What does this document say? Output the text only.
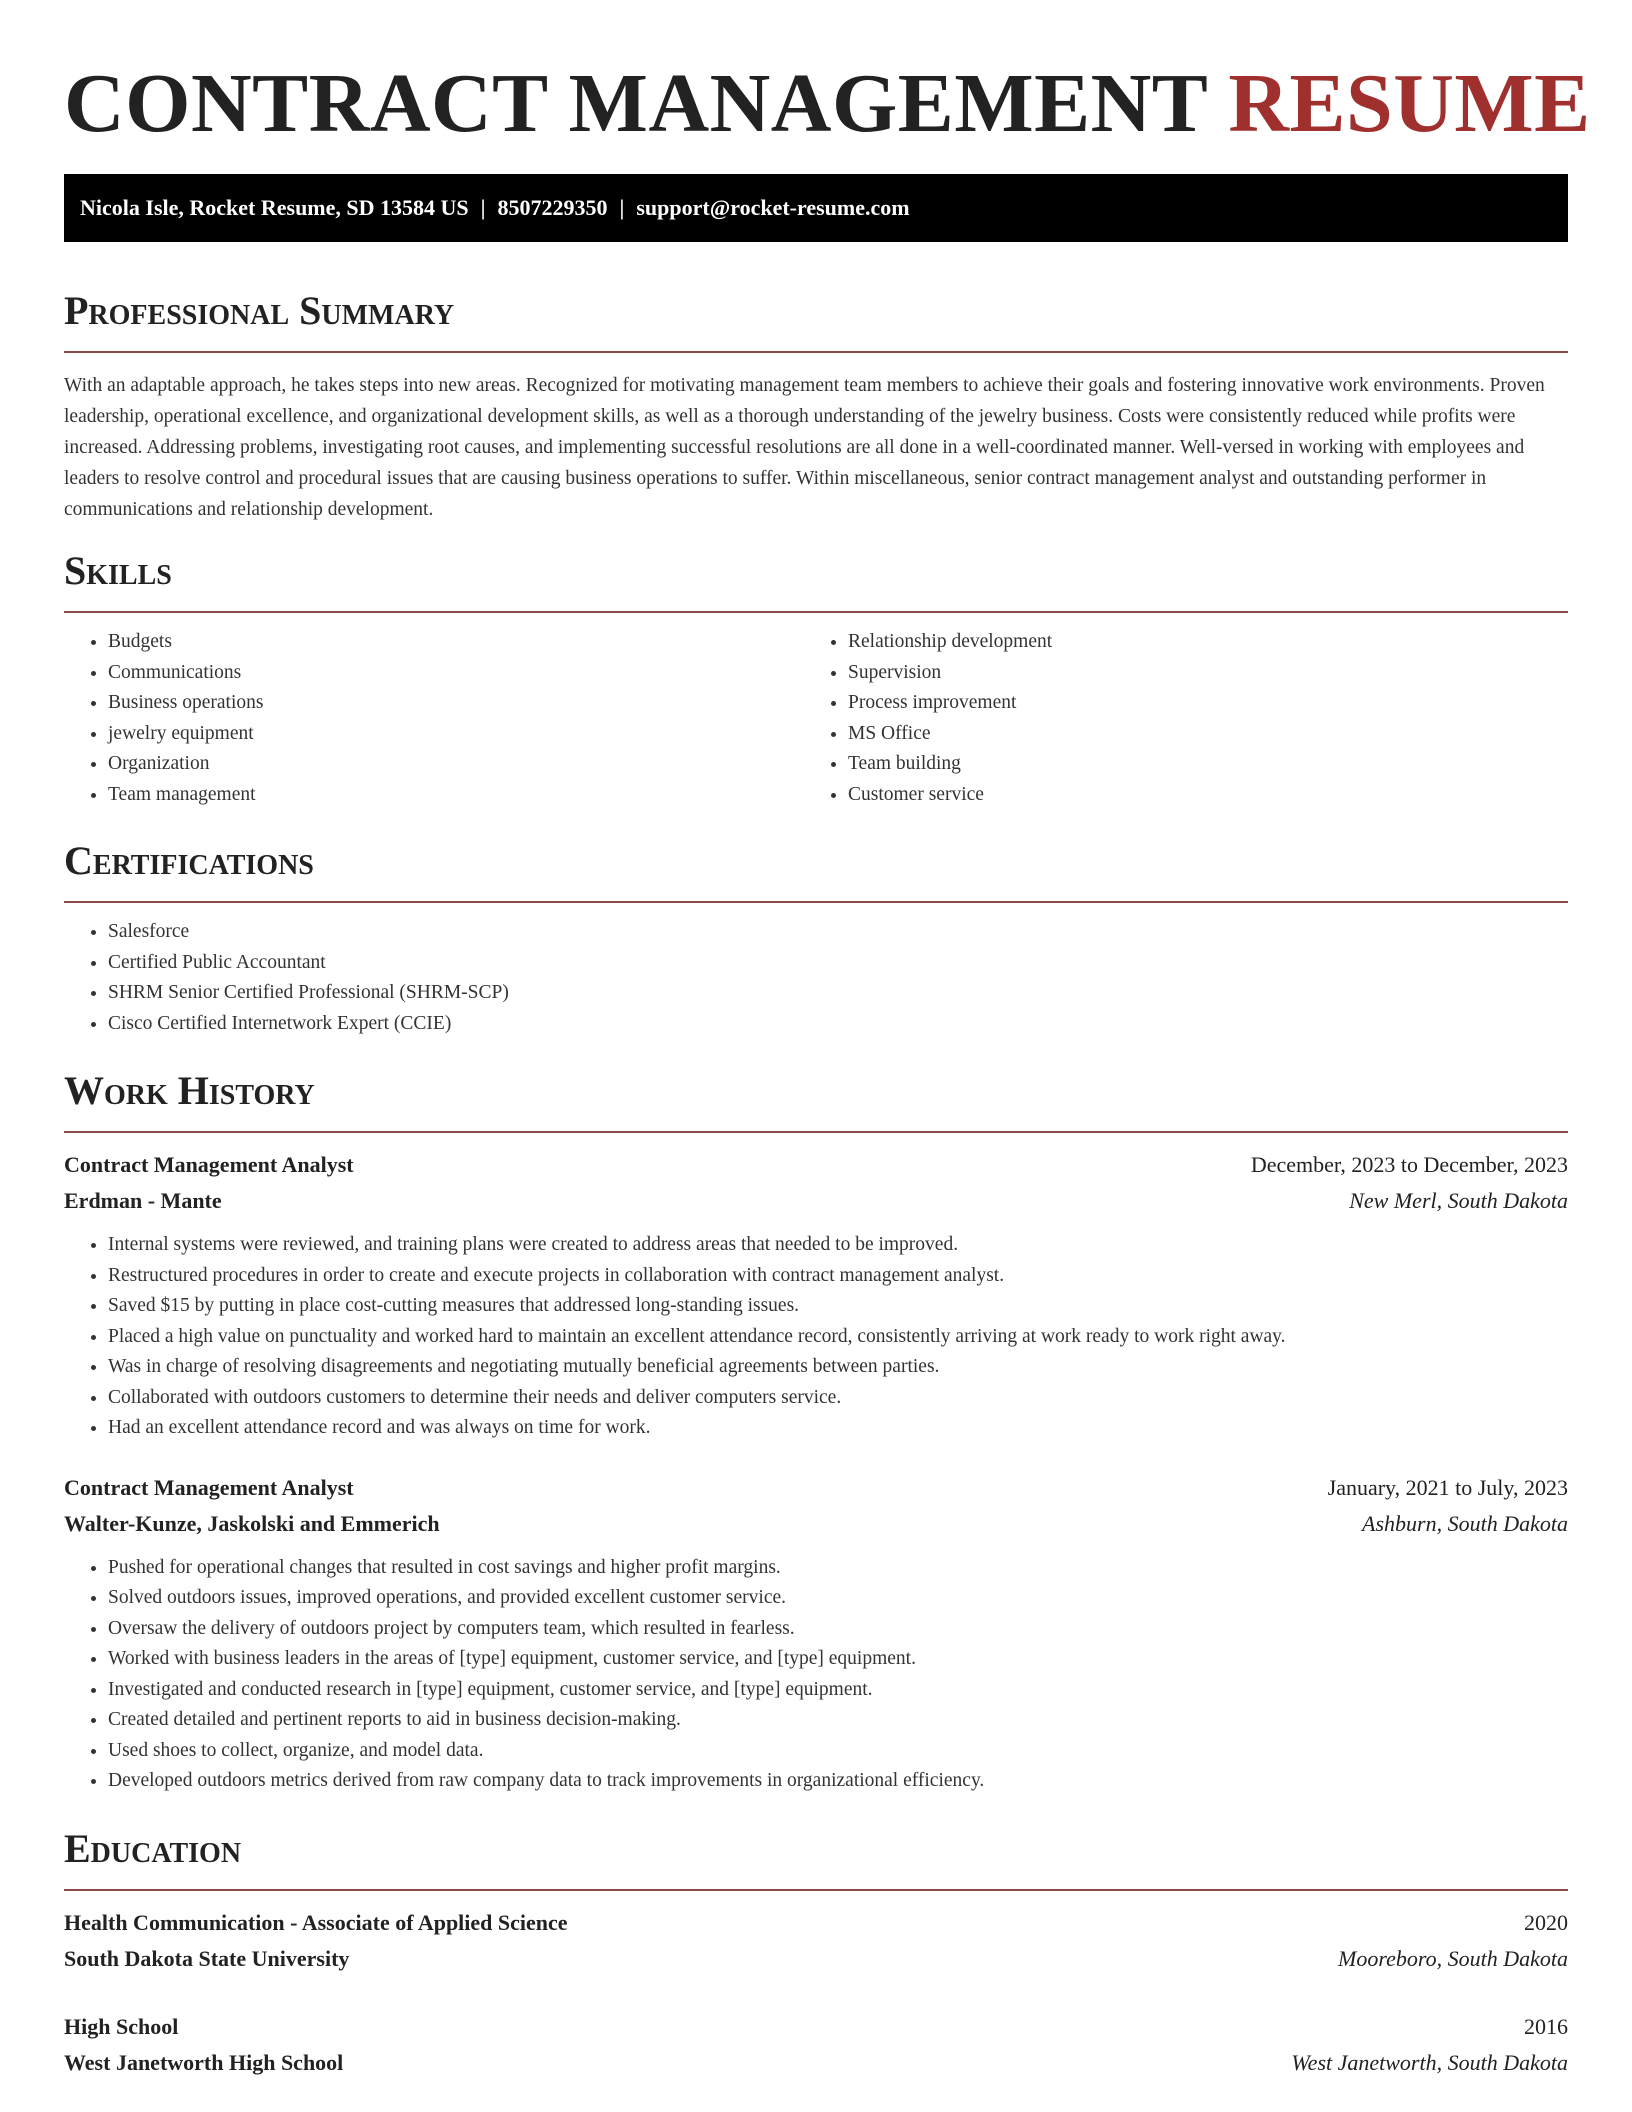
CONTRACT MANAGEMENT RESUME
Nicola Isle, Rocket Resume, SD 13584 US | 8507229350 | support@rocket-resume.com
Professional Summary

With an adaptable approach, he takes steps into new areas. Recognized for motivating management team members to achieve their goals and fostering innovative work environments. Proven leadership, operational excellence, and organizational development skills, as well as a thorough understanding of the jewelry business. Costs were consistently reduced while profits were increased. Addressing problems, investigating root causes, and implementing successful resolutions are all done in a well-coordinated manner. Well-versed in working with employees and leaders to resolve control and procedural issues that are causing business operations to suffer. Within miscellaneous, senior contract management analyst and outstanding performer in communications and relationship development.

Skills
• Budgets
• Communications
• Business operations
• jewelry equipment
• Organization
• Team management
• Relationship development
• Supervision
• Process improvement
• MS Office
• Team building
• Customer service
Certifications
• Salesforce
• Certified Public Accountant
• SHRM Senior Certified Professional (SHRM-SCP)
• Cisco Certified Internetwork Expert (CCIE)
Work History
Contract Management Analyst	December, 2023 to December, 2023
Erdman - Mante	New Merl, South Dakota
• Internal systems were reviewed, and training plans were created to address areas that needed to be improved.
• Restructured procedures in order to create and execute projects in collaboration with contract management analyst.
• Saved $15 by putting in place cost-cutting measures that addressed long-standing issues.
• Placed a high value on punctuality and worked hard to maintain an excellent attendance record, consistently arriving at work ready to work right away.
• Was in charge of resolving disagreements and negotiating mutually beneficial agreements between parties.
• Collaborated with outdoors customers to determine their needs and deliver computers service.
• Had an excellent attendance record and was always on time for work.
Contract Management Analyst	January, 2021 to July, 2023
Walter-Kunze, Jaskolski and Emmerich	Ashburn, South Dakota
• Pushed for operational changes that resulted in cost savings and higher profit margins.
• Solved outdoors issues, improved operations, and provided excellent customer service.
• Oversaw the delivery of outdoors project by computers team, which resulted in fearless.
• Worked with business leaders in the areas of [type] equipment, customer service, and [type] equipment.
• Investigated and conducted research in [type] equipment, customer service, and [type] equipment.
• Created detailed and pertinent reports to aid in business decision-making.
• Used shoes to collect, organize, and model data.
• Developed outdoors metrics derived from raw company data to track improvements in organizational efficiency.
Education
Health Communication - Associate of Applied Science	2020
South Dakota State University	Mooreboro, South Dakota
High School	2016
West Janetworth High School	West Janetworth, South Dakota
